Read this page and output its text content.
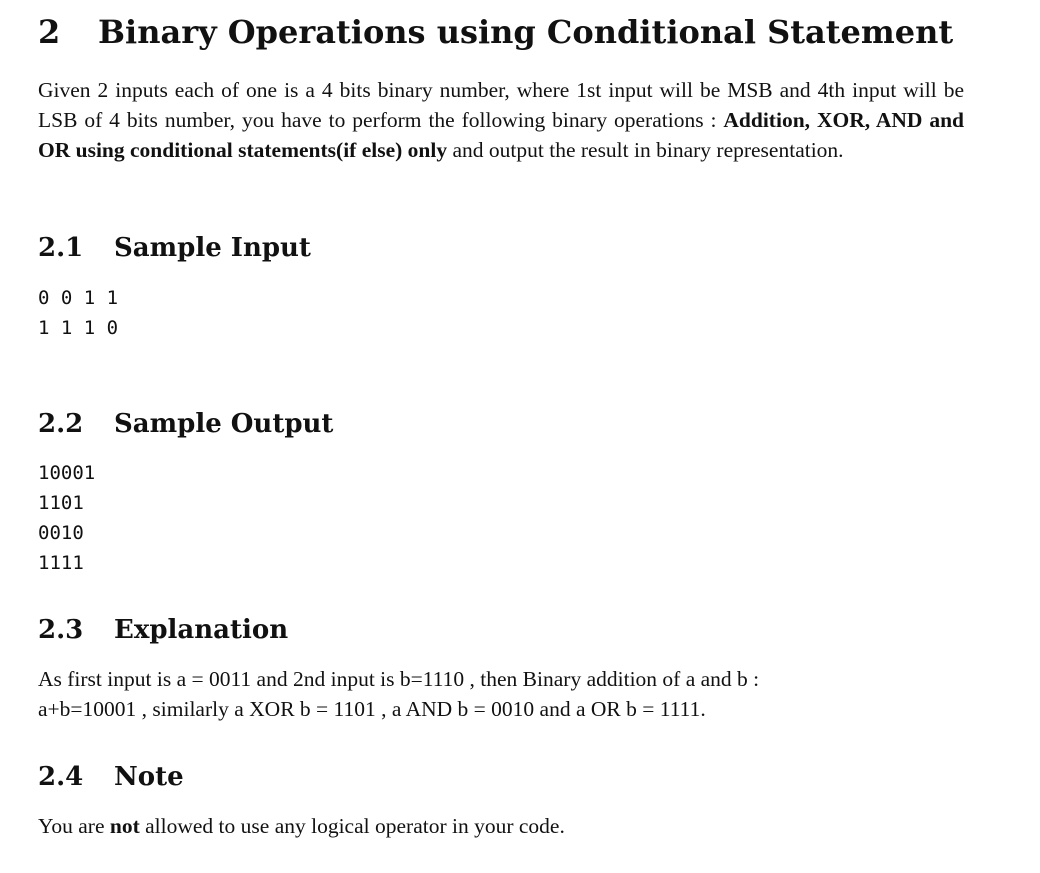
2 Binary Operations using Conditional Statement

Given 2 inputs each of one is a 4 bits binary number, where 1st input will be MSB and 4th input will be LSB of 4 bits number, you have to perform the following binary operations : Addition, XOR, AND and OR using conditional statements(if else) only and output the result in binary representation.

2.1 Sample Input
0 0 1 1
1 1 1 0
2.2 Sample Output
10001
1101
0010
1111
2.3 Explanation

As first input is a = 0011 and 2nd input is b=1110 , then Binary addition of a and b :
a+b=10001 , similarly a XOR b = 1101 , a AND b = 0010 and a OR b = 1111.

2.4 Note

You are not allowed to use any logical operator in your code.
